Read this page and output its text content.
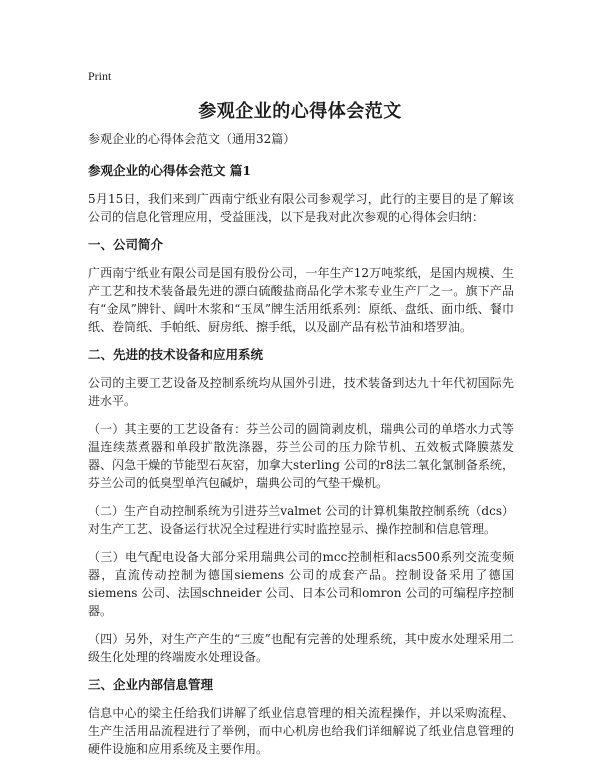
Print
参观企业的心得体会范文

参观企业的心得体会范文（通用32篇）

参观企业的心得体会范文 篇1

5月15日，我们来到广西南宁纸业有限公司参观学习，此行的主要目的是了解该公司的信息化管理应用，受益匪浅，以下是我对此次参观的心得体会归纳：

一、公司简介

广西南宁纸业有限公司是国有股份公司，一年生产12万吨浆纸，是国内规模、生产工艺和技术装备最先进的漂白硫酸盐商品化学木浆专业生产厂之一。旗下产品有“金凤”牌针、阔叶木浆和“玉凤”牌生活用纸系列：原纸、盘纸、面巾纸、餐巾纸、卷筒纸、手帕纸、厨房纸、擦手纸，以及副产品有松节油和塔罗油。

二、先进的技术设备和应用系统

公司的主要工艺设备及控制系统均从国外引进，技术装备到达九十年代初国际先进水平。

（一）其主要的工艺设备有：芬兰公司的圆筒剥皮机，瑞典公司的单塔水力式等温连续蒸煮器和单段扩散洗涤器，芬兰公司的压力除节机、五效板式降膜蒸发器、闪急干燥的节能型石灰窑，加拿大sterling 公司的r8法二氧化氯制备系统，芬兰公司的低臭型单汽包碱炉，瑞典公司的气垫干燥机。

（二）生产自动控制系统为引进芬兰valmet 公司的计算机集散控制系统（dcs）对生产工艺、设备运行状况全过程进行实时监控显示、操作控制和信息管理。

（三）电气配电设备大部分采用瑞典公司的mcc控制柜和acs500系列交流变频器，直流传动控制为德国siemens 公司的成套产品。控制设备采用了德国siemens 公司、法国schneider 公司、日本公司和omron 公司的可编程序控制器。

（四）另外，对生产产生的“三废”也配有完善的处理系统，其中废水处理采用二级生化处理的终端废水处理设备。

三、企业内部信息管理

信息中心的梁主任给我们讲解了纸业信息管理的相关流程操作，并以采购流程、生产生活用品流程进行了举例，而中心机房也给我们详细解说了纸业信息管理的硬件设施和应用系统及主要作用。
